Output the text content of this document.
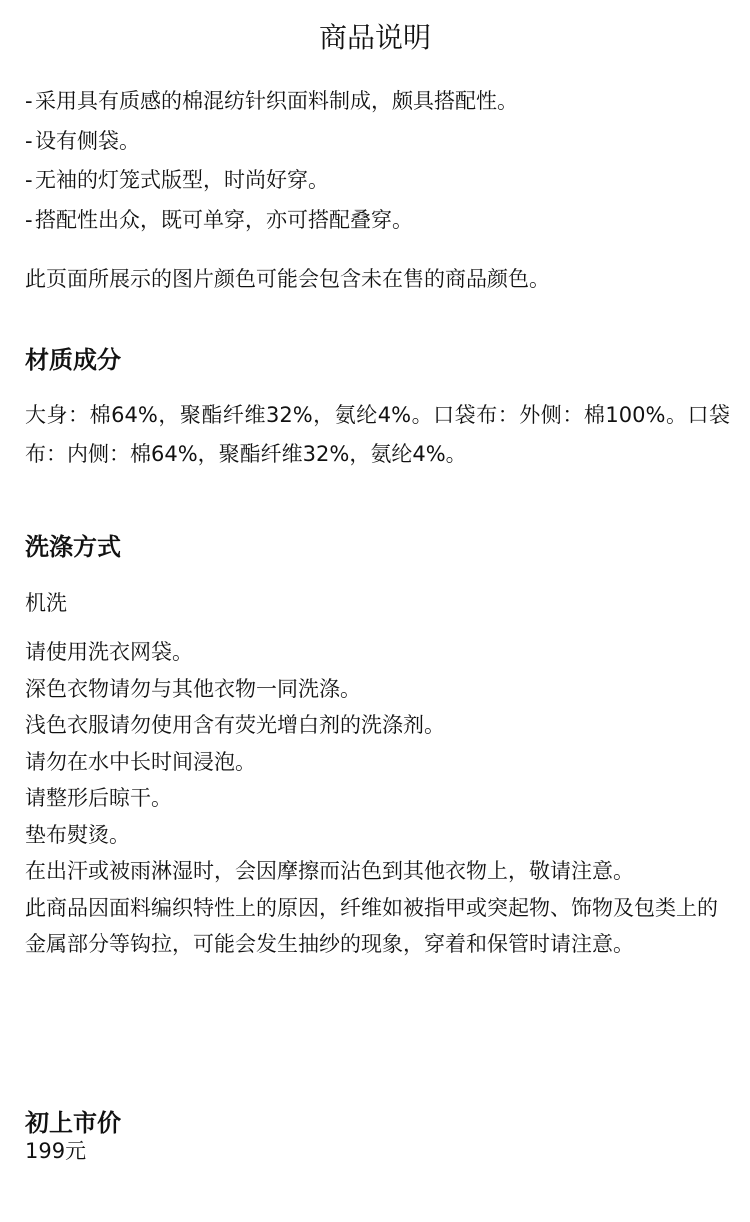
商品说明
- 采用具有质感的棉混纺针织面料制成，颇具搭配性。
- 设有侧袋。
- 无袖的灯笼式版型，时尚好穿。
- 搭配性出众，既可单穿，亦可搭配叠穿。
此页面所展示的图片颜色可能会包含未在售的商品颜色。
材质成分
大身：棉64%，聚酯纤维32%，氨纶4%。口袋布：外侧：棉100%。口袋布：内侧：棉64%，聚酯纤维32%，氨纶4%。
洗涤方式
机洗
请使用洗衣网袋。
深色衣物请勿与其他衣物一同洗涤。
浅色衣服请勿使用含有荧光增白剂的洗涤剂。
请勿在水中长时间浸泡。
请整形后晾干。
垫布熨烫。
在出汗或被雨淋湿时，会因摩擦而沾色到其他衣物上，敬请注意。
此商品因面料编织特性上的原因，纤维如被指甲或突起物、饰物及包类上的金属部分等钩拉，可能会发生抽纱的现象，穿着和保管时请注意。
初上市价
199元
